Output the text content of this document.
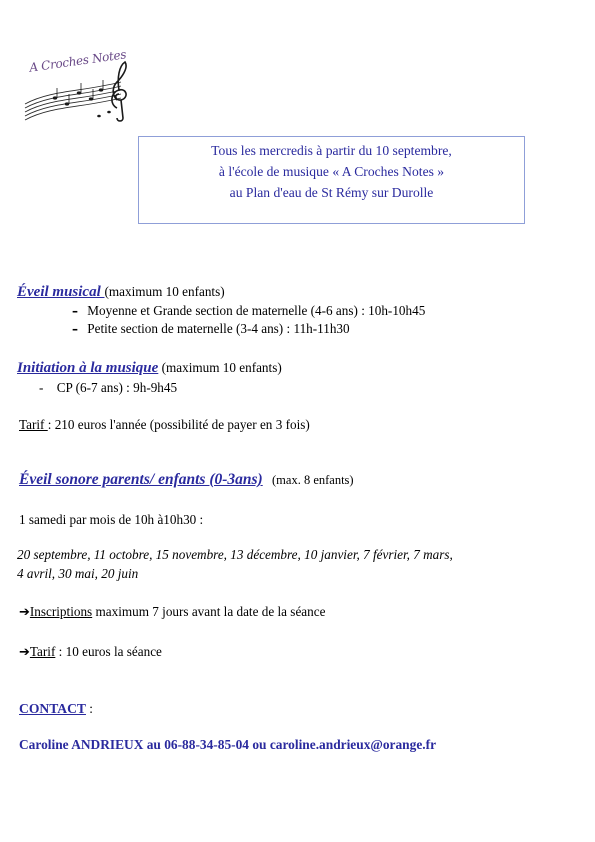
A Croches Notes
Tous les mercredis à partir du 10 septembre,
à l'école de musique « A Croches Notes »
au Plan d'eau de St Rémy sur Durolle
Éveil musical (maximum 10 enfants)
– Moyenne et Grande section de maternelle (4-6 ans) : 10h-10h45
– Petite section de maternelle (3-4 ans) : 11h-11h30
Initiation à la musique (maximum 10 enfants)
- CP (6-7 ans) : 9h-9h45
Tarif : 210 euros l'année (possibilité de payer en 3 fois)
Éveil sonore parents/ enfants (0-3ans) (max. 8 enfants)
1 samedi par mois de 10h à10h30 :
20 septembre, 11 octobre, 15 novembre, 13 décembre, 10 janvier, 7 février, 7 mars,
4 avril, 30 mai, 20 juin
➔Inscriptions maximum 7 jours avant la date de la séance
➔Tarif : 10 euros la séance
CONTACT :
Caroline ANDRIEUX au 06-88-34-85-04 ou caroline.andrieux@orange.fr
